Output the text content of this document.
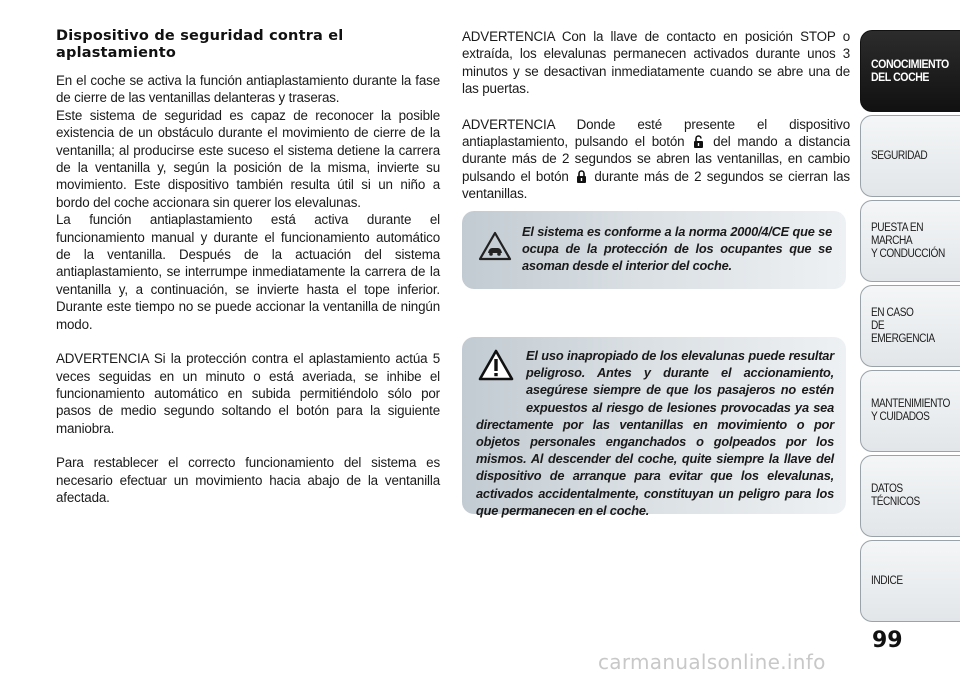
Dispositivo de seguridad contra el aplastamiento

En el coche se activa la función antiaplastamiento durante la fase de cierre de las ventanillas delanteras y traseras.

Este sistema de seguridad es capaz de reconocer la posible existencia de un obstáculo durante el movimiento de cierre de la ventanilla; al producirse este suceso el sistema detiene la carrera de la ventanilla y, según la posición de la misma, invierte su movimiento. Este dispositivo también resulta útil si un niño a bordo del coche accionara sin querer los elevalunas.

La función antiaplastamiento está activa durante el funcionamiento manual y durante el funcionamiento automático de la ventanilla. Después de la actuación del sistema antiaplastamiento, se interrumpe inmediatamente la carrera de la ventanilla y, a continuación, se invierte hasta el tope inferior. Durante este tiempo no se puede accionar la ventanilla de ningún modo.

ADVERTENCIA Si la protección contra el aplastamiento actúa 5 veces seguidas en un minuto o está averiada, se inhibe el funcionamiento automático en subida permitiéndolo sólo por pasos de medio segundo soltando el botón para la siguiente maniobra.

Para restablecer el correcto funcionamiento del sistema es necesario efectuar un movimiento hacia abajo de la ventanilla afectada.

ADVERTENCIA Con la llave de contacto en posición STOP o extraída, los elevalunas permanecen activados durante unos 3 minutos y se desactivan inmediatamente cuando se abre una de las puertas.

ADVERTENCIA Donde esté presente el dispositivo antiaplastamiento, pulsando el botón del mando a distancia durante más de 2 segundos se abren las ventanillas, en cambio pulsando el botón durante más de 2 segundos se cierran las ventanillas.

El sistema es conforme a la norma 2000/4/CE que se ocupa de la protección de los ocupantes que se asoman desde el interior del coche.
El uso inapropiado de los elevalunas puede resultar peligroso. Antes y durante el accionamiento, asegúrese siempre de que los pasajeros no estén expuestos al riesgo de lesiones provocadas ya sea directamente por las ventanillas en movimiento o por objetos personales enganchados o golpeados por los mismos. Al descender del coche, quite siempre la llave del dispositivo de arranque para evitar que los elevalunas, activados accidentalmente, constituyan un peligro para los que permanecen en el coche.
CONOCIMIENTO
DEL COCHE
SEGURIDAD
PUESTA EN MARCHA
Y CONDUCCIÓN
EN CASO
DE EMERGENCIA
MANTENIMIENTO
Y CUIDADOS
DATOS TÉCNICOS
INDICE
99
carmanualsonline.info
